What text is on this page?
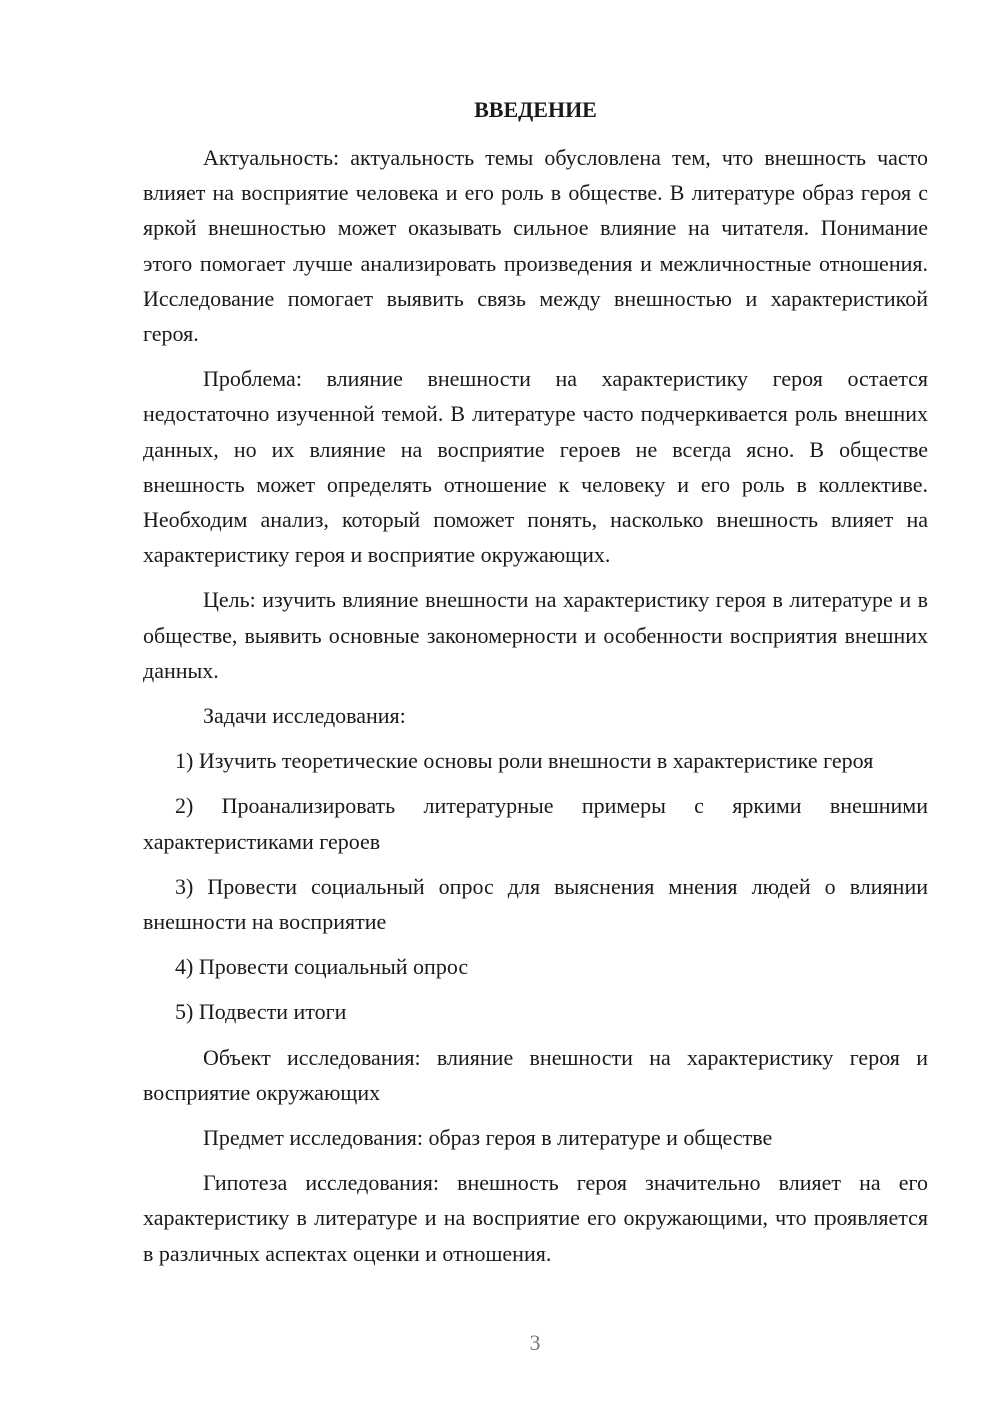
ВВЕДЕНИЕ

Актуальность: актуальность темы обусловлена тем, что внешность часто влияет на восприятие человека и его роль в обществе. В литературе образ героя с яркой внешностью может оказывать сильное влияние на читателя. Понимание этого помогает лучше анализировать произведения и межличностные отношения. Исследование помогает выявить связь между внешностью и характеристикой героя.

Проблема: влияние внешности на характеристику героя остается недостаточно изученной темой. В литературе часто подчеркивается роль внешних данных, но их влияние на восприятие героев не всегда ясно. В обществе внешность может определять отношение к человеку и его роль в коллективе. Необходим анализ, который поможет понять, насколько внешность влияет на характеристику героя и восприятие окружающих.

Цель: изучить влияние внешности на характеристику героя в литературе и в обществе, выявить основные закономерности и особенности восприятия внешних данных.

Задачи исследования:

1) Изучить теоретические основы роли внешности в характеристике героя

2) Проанализировать литературные примеры с яркими внешними характеристиками героев

3) Провести социальный опрос для выяснения мнения людей о влиянии внешности на восприятие

4) Провести социальный опрос

5) Подвести итоги

Объект исследования: влияние внешности на характеристику героя и восприятие окружающих

Предмет исследования: образ героя в литературе и обществе

Гипотеза исследования: внешность героя значительно влияет на его характеристику в литературе и на восприятие его окружающими, что проявляется в различных аспектах оценки и отношения.

3
